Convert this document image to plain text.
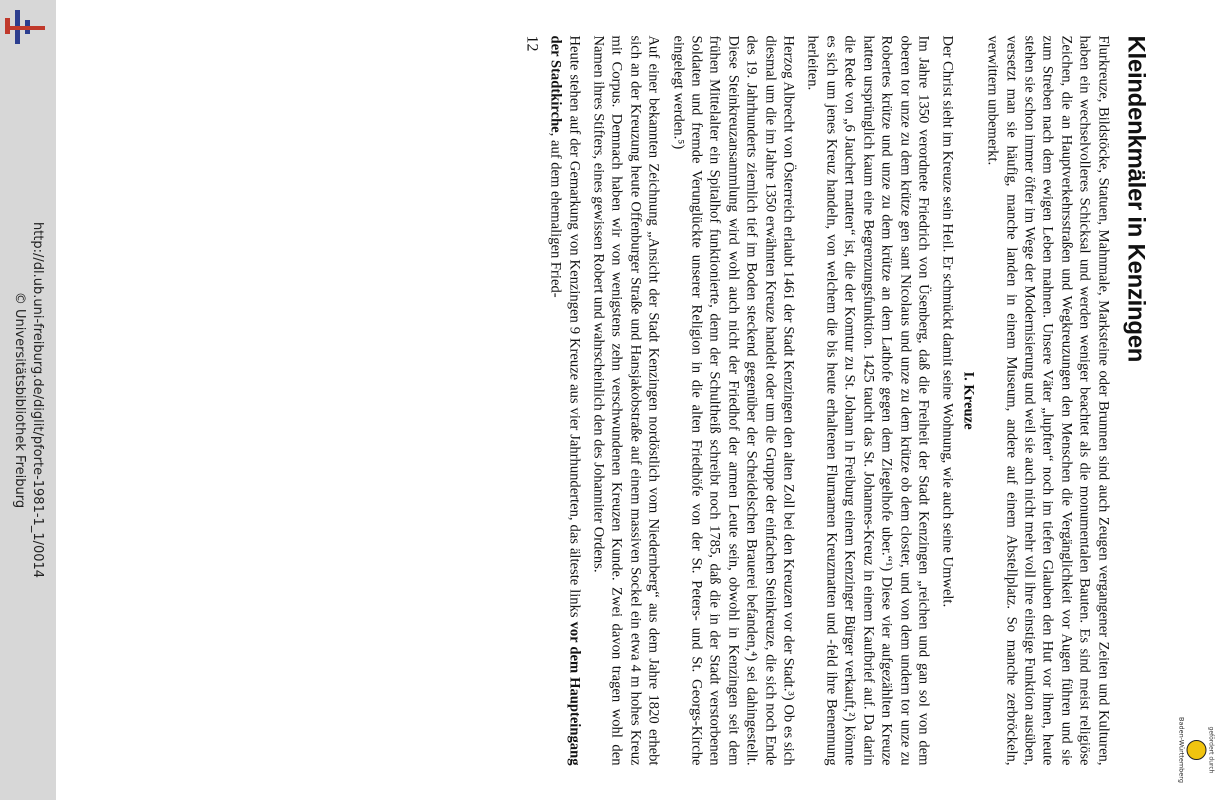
http://dl.ub.uni-freiburg.de/diglit/pforte-1981-1_1/0014
© Universitätsbibliothek Freiburg
Kleindenkmäler in Kenzingen

Flurkreuze, Bildstöcke, Statuen, Mahnmale, Marksteine oder Brunnen sind auch Zeugen vergangener Zeiten und Kulturen, haben ein wechselvolleres Schicksal und werden weniger beachtet als die monumentalen Bauten. Es sind meist religiöse Zeichen, die an Hauptverkehrsstraßen und Wegkreuzungen den Menschen die Vergänglichkeit vor Augen führen und sie zum Streben nach dem ewigen Leben mahnen. Unsere Väter „lupften“ noch im tiefen Glauben den Hut vor ihnen, heute stehen sie schon immer öfter im Wege der Modernisierung und weil sie auch nicht mehr voll ihre einstige Funktion ausüben, versetzt man sie häufig, manche landen in einem Museum, andere auf einem Abstellplatz. So manche zerbröckeln, verwittern unbemerkt.

I. Kreuze

Der Christ sieht im Kreuze sein Heil. Er schmückt damit seine Wohnung, wie auch seine Umwelt.

Im Jahre 1350 verordnete Friedrich von Üsenberg, daß die Freiheit der Stadt Kenzingen „reichen und gan sol von dem oberen tor unze zu dem krütze gen sant Nicolaus und unze zu dem krütze ob dem closter, und von dem undern tor unze zu Robertes krütze und unze zu dem krütze an dem Lathofe gegen dem Ziegelhofe uber.“¹) Diese vier aufgezählten Kreuze hatten ursprünglich kaum eine Begrenzungsfunktion. 1425 taucht das St. Johannes-Kreuz in einem Kaufbrief auf. Da darin die Rede von „6 Jauchert matten“ ist, die der Komtur zu St. Johann in Freiburg einem Kenzinger Bürger verkauft,²) könnte es sich um jenes Kreuz handeln, von welchem die bis heute erhaltenen Flurnamen Kreuzmatten und -feld ihre Benennung herleiten.

Herzog Albrecht von Österreich erlaubt 1461 der Stadt Kenzingen den alten Zoll bei den Kreuzen vor der Stadt.³) Ob es sich diesmal um die im Jahre 1350 erwähnten Kreuze handelt oder um die Gruppe der einfachen Steinkreuze, die sich noch Ende des 19. Jahrhunderts ziemlich tief im Boden steckend gegenüber der Scheidelschen Brauerei befanden,⁴) sei dahingestellt. Diese Steinkreuzansammlung wird wohl auch nicht der Friedhof der armen Leute sein, obwohl in Kenzingen seit dem frühen Mittelalter ein Spitalhof funktionierte, denn der Schultheiß schreibt noch 1785, daß die in der Stadt verstorbenen Soldaten und fremde Verunglückte unserer Religion in die alten Friedhöfe von der St. Peters- und St. Georgs-Kirche eingelegt werden.⁵)

Auf einer bekannten Zeichnung „Ansicht der Stadt Kenzingen nordöstlich vom Niedernberg“ aus dem Jahre 1820 erhebt sich an der Kreuzung heute Offenburger Straße und Hansjakobstraße auf einem massiven Sockel ein etwa 4 m hohes Kreuz mit Corpus. Demnach haben wir von wenigstens zehn verschwundenen Kreuzen Kunde. Zwei davon tragen wohl den Namen ihres Stifters, eines gewissen Robert und wahrscheinlich den des Johanniter Ordens.

Heute stehen auf der Gemarkung von Kenzingen 9 Kreuze aus vier Jahrhunderten, das älteste links vor dem Haupteingang der Stadtkirche, auf dem ehemaligen Fried-

12
gefördert durch
Baden-Württemberg
